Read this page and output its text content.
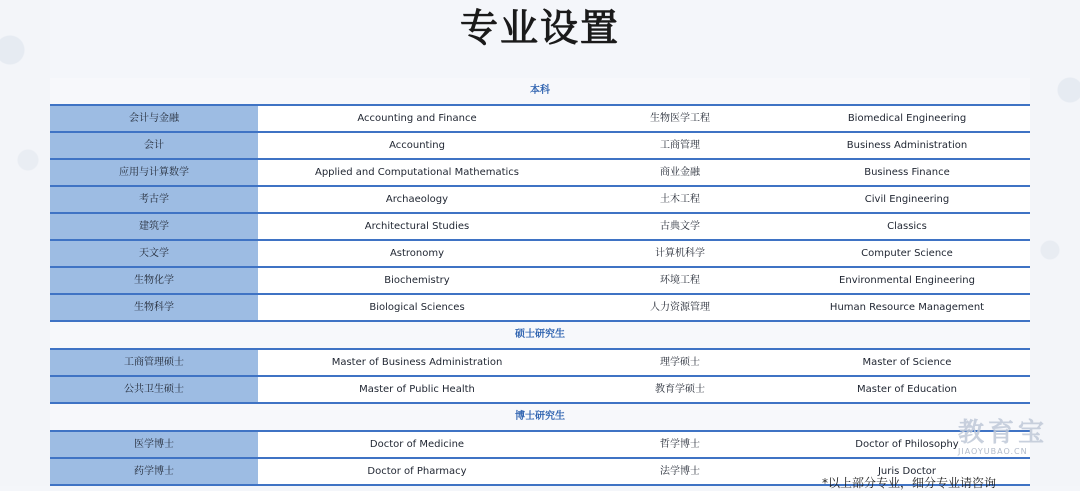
专业设置
本科
会计与金融	Accounting and Finance	生物医学工程	Biomedical Engineering
会计	Accounting	工商管理	Business Administration
应用与计算数学	Applied and Computational Mathematics	商业金融	Business Finance
考古学	Archaeology	土木工程	Civil Engineering
建筑学	Architectural Studies	古典文学	Classics
天文学	Astronomy	计算机科学	Computer Science
生物化学	Biochemistry	环境工程	Environmental Engineering
生物科学	Biological Sciences	人力资源管理	Human Resource Management
硕士研究生
工商管理硕士	Master of Business Administration	理学硕士	Master of Science
公共卫生硕士	Master of Public Health	教育学硕士	Master of Education
博士研究生
医学博士	Doctor of Medicine	哲学博士	Doctor of Philosophy
药学博士	Doctor of Pharmacy	法学博士	Juris Doctor
教育宝
JIAOYUBAO.CN
*以上部分专业，细分专业请咨询
